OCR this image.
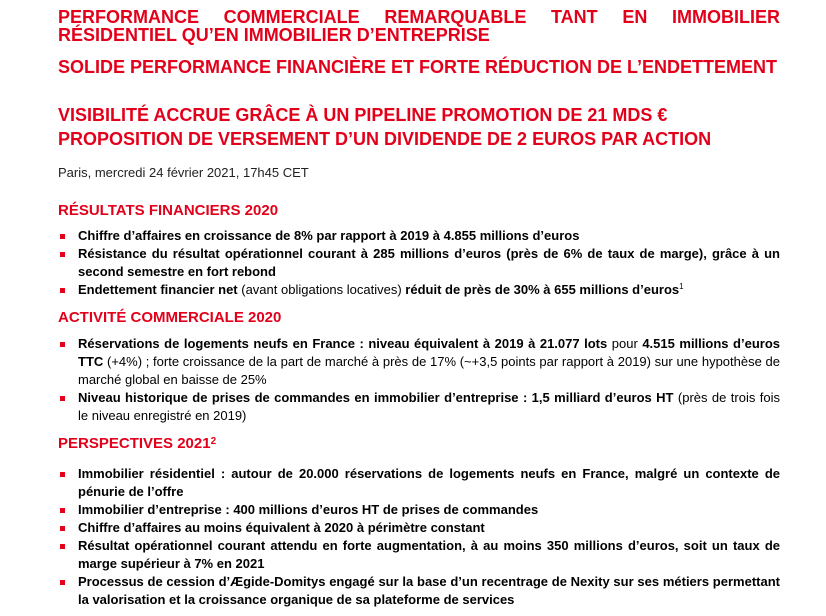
PERFORMANCE COMMERCIALE REMARQUABLE TANT EN IMMOBILIER RÉSIDENTIEL QU’EN IMMOBILIER D’ENTREPRISE
SOLIDE PERFORMANCE FINANCIÈRE ET FORTE RÉDUCTION DE L’ENDETTEMENT
VISIBILITÉ ACCRUE GRÂCE À UN PIPELINE PROMOTION DE 21 MDS €
PROPOSITION DE VERSEMENT D’UN DIVIDENDE DE 2 EUROS PAR ACTION
Paris, mercredi 24 février 2021, 17h45 CET
RÉSULTATS FINANCIERS 2020
Chiffre d’affaires en croissance de 8% par rapport à 2019 à 4.855 millions d’euros
Résistance du résultat opérationnel courant à 285 millions d’euros (près de 6% de taux de marge), grâce à un second semestre en fort rebond
Endettement financier net (avant obligations locatives) réduit de près de 30% à 655 millions d’euros$^1$
ACTIVITÉ COMMERCIALE 2020
Réservations de logements neufs en France : niveau équivalent à 2019 à 21.077 lots pour 4.515 millions d’euros TTC (+4%) ; forte croissance de la part de marché à près de 17% (~+3,5 points par rapport à 2019) sur une hypothèse de marché global en baisse de 25%
Niveau historique de prises de commandes en immobilier d’entreprise : 1,5 milliard d’euros HT (près de trois fois le niveau enregistré en 2019)
PERSPECTIVES 2021$^2$
Immobilier résidentiel : autour de 20.000 réservations de logements neufs en France, malgré un contexte de pénurie de l’offre
Immobilier d’entreprise : 400 millions d’euros HT de prises de commandes
Chiffre d’affaires au moins équivalent à 2020 à périmètre constant
Résultat opérationnel courant attendu en forte augmentation, à au moins 350 millions d’euros, soit un taux de marge supérieur à 7% en 2021
Processus de cession d’Ægide-Domitys engagé sur la base d’un recentrage de Nexity sur ses métiers permettant la valorisation et la croissance organique de sa plateforme de services
